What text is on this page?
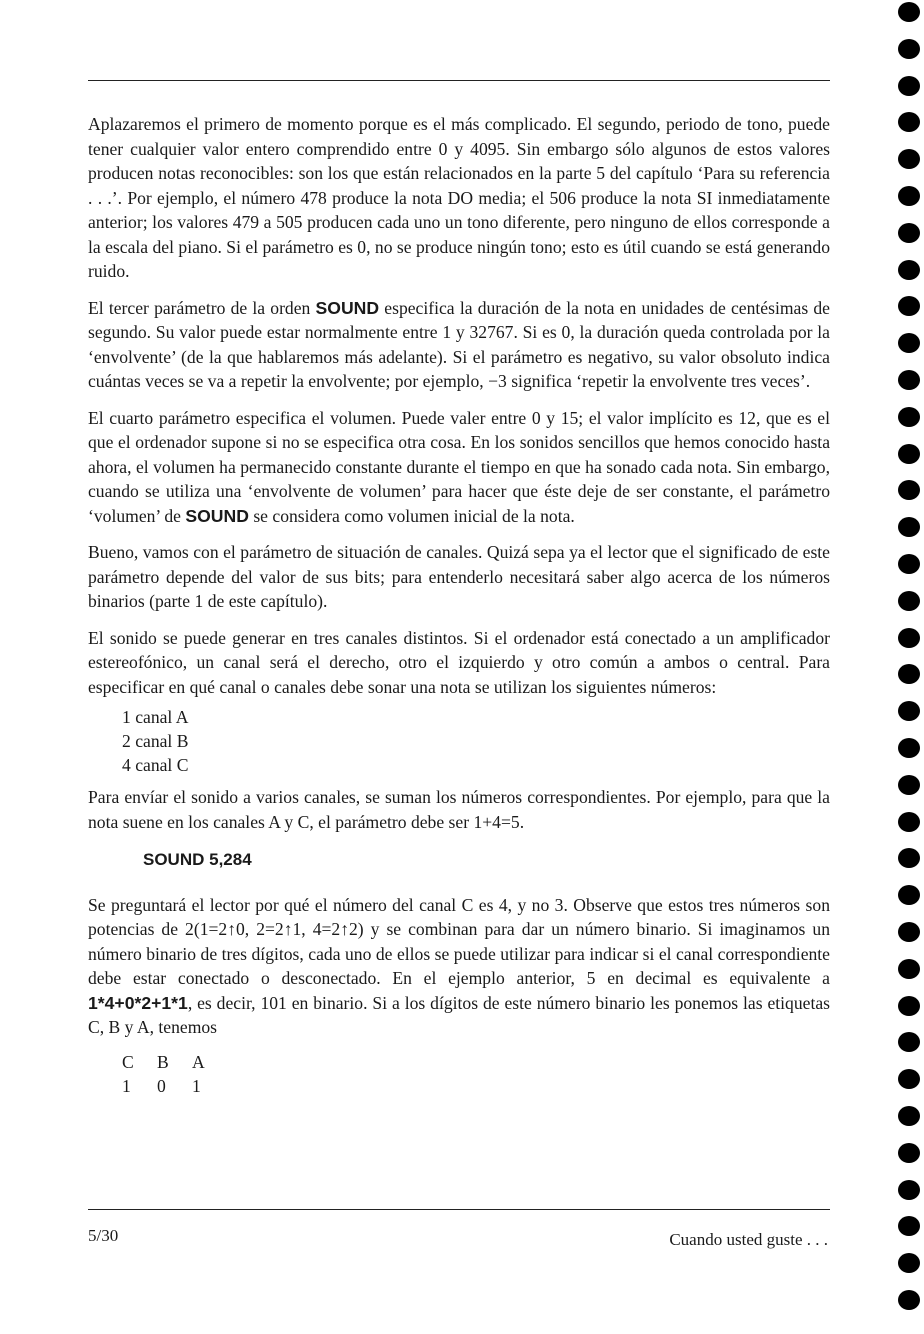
Aplazaremos el primero de momento porque es el más complicado. El segundo, periodo de tono, puede tener cualquier valor entero comprendido entre 0 y 4095. Sin embargo sólo algunos de estos valores producen notas reconocibles: son los que están relacionados en la parte 5 del capítulo ‘Para su referencia . . .’. Por ejemplo, el número 478 produce la nota DO media; el 506 produce la nota SI inmediatamente anterior; los valores 479 a 505 producen cada uno un tono diferente, pero ninguno de ellos corresponde a la escala del piano. Si el parámetro es 0, no se produce ningún tono; esto es útil cuando se está generando ruido.

El tercer parámetro de la orden SOUND especifica la duración de la nota en unidades de centésimas de segundo. Su valor puede estar normalmente entre 1 y 32767. Si es 0, la duración queda controlada por la ‘envolvente’ (de la que hablaremos más adelante). Si el parámetro es negativo, su valor obsoluto indica cuántas veces se va a repetir la envolvente; por ejemplo, −3 significa ‘repetir la envolvente tres veces’.

El cuarto parámetro especifica el volumen. Puede valer entre 0 y 15; el valor implícito es 12, que es el que el ordenador supone si no se especifica otra cosa. En los sonidos sencillos que hemos conocido hasta ahora, el volumen ha permanecido constante durante el tiempo en que ha sonado cada nota. Sin embargo, cuando se utiliza una ‘envolvente de volumen’ para hacer que éste deje de ser constante, el parámetro ‘volumen’ de SOUND se considera como volumen inicial de la nota.

Bueno, vamos con el parámetro de situación de canales. Quizá sepa ya el lector que el significado de este parámetro depende del valor de sus bits; para entenderlo necesitará saber algo acerca de los números binarios (parte 1 de este capítulo).

El sonido se puede generar en tres canales distintos. Si el ordenador está conectado a un amplificador estereofónico, un canal será el derecho, otro el izquierdo y otro común a ambos o central. Para especificar en qué canal o canales debe sonar una nota se utilizan los siguientes números:

1 canal A
2 canal B
4 canal C

Para envíar el sonido a varios canales, se suman los números correspondientes. Por ejemplo, para que la nota suene en los canales A y C, el parámetro debe ser 1+4=5.

SOUND 5,284

Se preguntará el lector por qué el número del canal C es 4, y no 3. Observe que estos tres números son potencias de 2(1=2↑0, 2=2↑1, 4=2↑2) y se combinan para dar un número binario. Si imaginamos un número binario de tres dígitos, cada uno de ellos se puede utilizar para indicar si el canal correspondiente debe estar conectado o desconectado. En el ejemplo anterior, 5 en decimal es equivalente a 1*4+0*2+1*1, es decir, 101 en binario. Si a los dígitos de este número binario les ponemos las etiquetas C, B y A, tenemos

C B A
1 0 1
5/30	Cuando usted guste . . .
